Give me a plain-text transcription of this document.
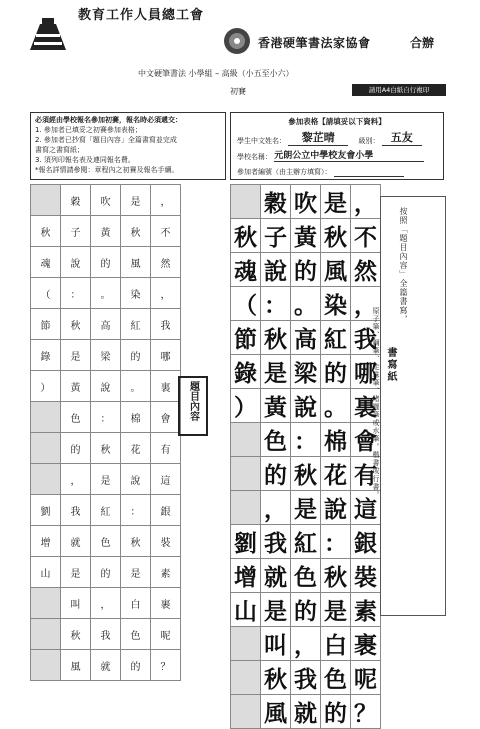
教育工作人員總工會
香港硬筆書法家協會	合辦
中文硬筆書法 小學組 – 高級（小五至小六）
初賽	請用A4白紙自行複印
必須經由學校報名參加初賽，報名時必須遞交：
1. 參加者已填妥之初賽參加表格；
2. 參加者已抄寫「題目內容」全篇書寫並完成
書寫之書寫紙；
3. 須列印報名表及連同報名費。
*報名詳情請參閱：章程內之初賽及報名手續。
參加表格【請填妥以下資料】
學生中文姓名： 黎芷晴	級別： 五友
學校名稱： 元朗公立中學校友會小學
參加者編號（由主辦方填寫）：
	穀	吹	是	，
秋	子	黃	秋	不
魂	說	的	風	然
（	：	。	染	，
節	秋	高	紅	我
錄	是	梁	的	哪
）	黃	說	。	裏
	色	：	棉	會
	的	秋	花	有
	，	是	說	這
劉	我	紅	：	銀
增	就	色	秋	裝
山	是	的	是	素
	叫	，	白	裹
	秋	我	色	呢
	風	就	的	？
題目內容
	穀	吹	是	，
秋	子	黃	秋	不
魂	說	的	風	然
（	：	。	染	，
節	秋	高	紅	我
錄	是	梁	的	哪
）	黃	說	。	裏
	色	：	棉	會
	的	秋	花	有
	，	是	說	這
劉	我	紅	：	銀
增	就	色	秋	裝
山	是	的	是	素
	叫	，	白	裹
	秋	我	色	呢
	風	就	的	？
按照「題目內容」全篇書寫，
書寫紙
原子筆、鋼筆、走珠筆、啫喱筆或水筆。楷書或行書。
